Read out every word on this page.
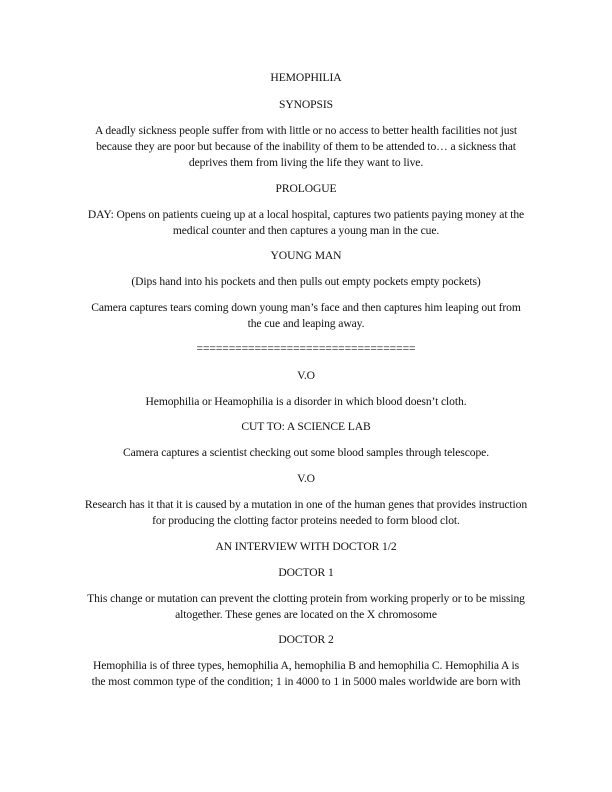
HEMOPHILIA
SYNOPSIS
A deadly sickness people suffer from with little or no access to better health facilities not just
because they are poor but because of the inability of them to be attended to… a sickness that
deprives them from living the life they want to live.
PROLOGUE
DAY: Opens on patients cueing up at a local hospital, captures two patients paying money at the
medical counter and then captures a young man in the cue.
YOUNG MAN
(Dips hand into his pockets and then pulls out empty pockets empty pockets)
Camera captures tears coming down young man’s face and then captures him leaping out from
the cue and leaping away.
==================================
V.O
Hemophilia or Heamophilia is a disorder in which blood doesn’t cloth.
CUT TO: A SCIENCE LAB
Camera captures a scientist checking out some blood samples through telescope.
V.O
Research has it that it is caused by a mutation in one of the human genes that provides instruction
for producing the clotting factor proteins needed to form blood clot.
AN INTERVIEW WITH DOCTOR 1/2
DOCTOR 1
This change or mutation can prevent the clotting protein from working properly or to be missing
altogether. These genes are located on the X chromosome
DOCTOR 2
Hemophilia is of three types, hemophilia A, hemophilia B and hemophilia C. Hemophilia A is
the most common type of the condition; 1 in 4000 to 1 in 5000 males worldwide are born with
